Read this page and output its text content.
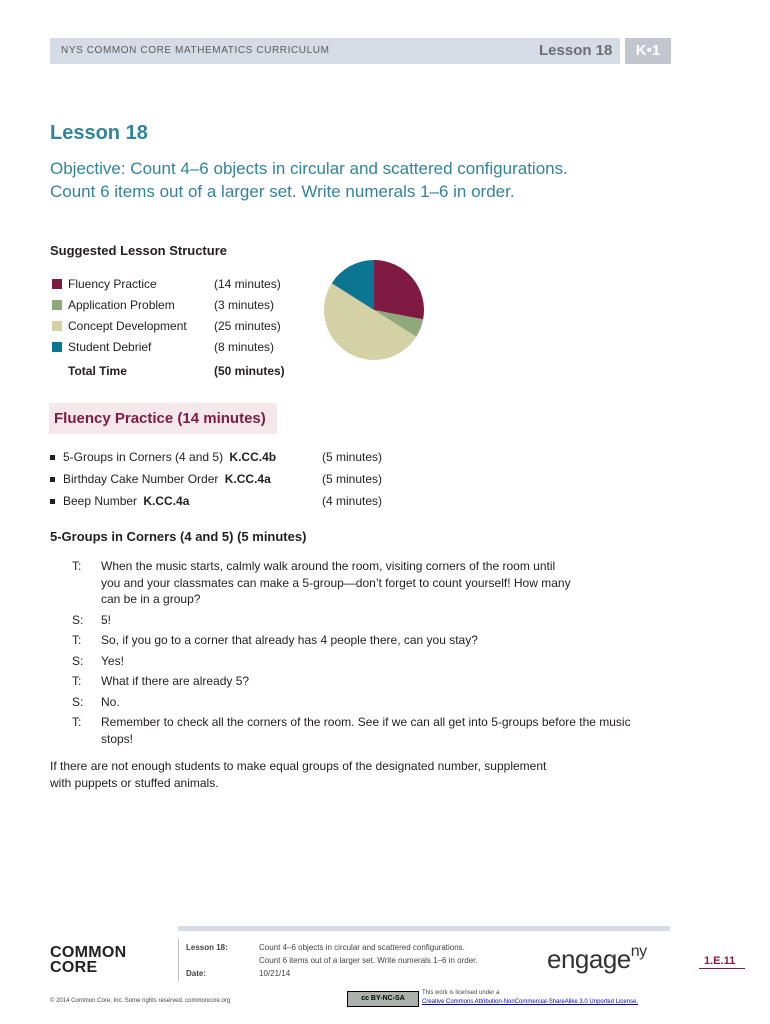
NYS COMMON CORE MATHEMATICS CURRICULUM	Lesson 18	K•1
Lesson 18
Objective: Count 4–6 objects in circular and scattered configurations.
Count 6 items out of a larger set. Write numerals 1–6 in order.
Suggested Lesson Structure
Fluency Practice	(14 minutes)
Application Problem	(3 minutes)
Concept Development (25 minutes)
Student Debrief	(8 minutes)
Total Time	(50 minutes)
Fluency Practice (14 minutes)
5-Groups in Corners (4 and 5) K.CC.4b	(5 minutes)
Birthday Cake Number Order K.CC.4a	(5 minutes)
Beep Number K.CC.4a	(4 minutes)
5-Groups in Corners (4 and 5) (5 minutes)
T:	When the music starts, calmly walk around the room, visiting corners of the room until
you and your classmates can make a 5-group—don’t forget to count yourself! How many
can be in a group?
S:	5!
T:	So, if you go to a corner that already has 4 people there, can you stay?
S:	Yes!
T:	What if there are already 5?
S:	No.
T:	Remember to check all the corners of the room. See if we can all get into 5-groups before the music
stops!
If there are not enough students to make equal groups of the designated number, supplement
with puppets or stuffed animals.
COMMON
CORE
Lesson 18:	Count 4–6 objects in circular and scattered configurations.
Count 6 items out of a larger set. Write numerals 1–6 in order.
Date:	10/21/14	engage$^{ny}$
1.E.11
© 2014 Common Core, Inc. Some rights reserved. commoncore.org	cc BY-NC-SA
This work is licensed under a
Creative Commons Attribution-NonCommercial-ShareAlike 3.0 Unported License.
